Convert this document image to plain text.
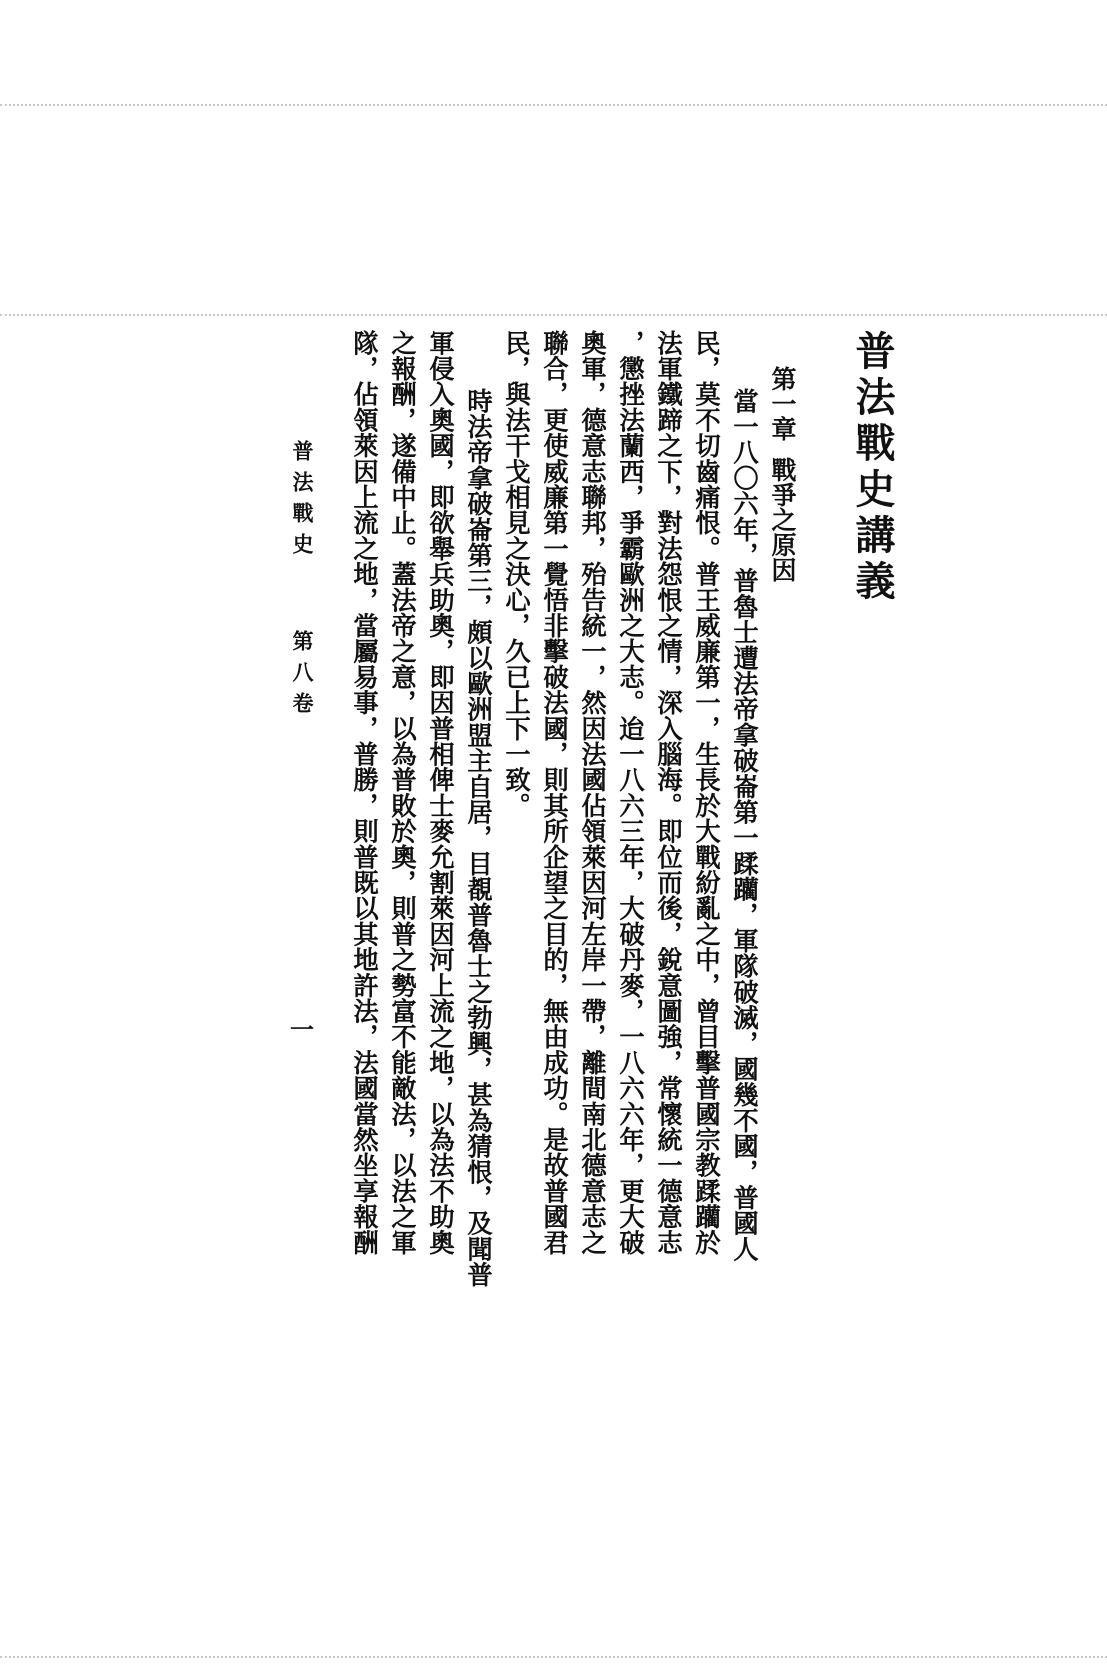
普法戰史講義
第一章戰爭之原因
當一八〇六年，普魯士遭法帝拿破崙第一蹂躪，軍隊破滅，國幾不國，普國人
民，莫不切齒痛恨。普王威廉第一，生長於大戰紛亂之中，曾目擊普國宗教蹂躪於
法軍鐵蹄之下，對法怨恨之情，深入腦海。即位而後，銳意圖強，常懷統一德意志
，懲挫法蘭西，爭霸歐洲之大志。迨一八六三年，大破丹麥，一八六六年，更大破
奧軍，德意志聯邦，殆告統一，然因法國佔領萊因河左岸一帶，離間南北德意志之
聯合，更使威廉第一覺悟非擊破法國，則其所企望之目的，無由成功。是故普國君
民，與法干戈相見之決心，久已上下一致。
時法帝拿破崙第三，頗以歐洲盟主自居，目覩普魯士之勃興，甚為猜恨，及聞普
軍侵入奧國，即欲舉兵助奧，即因普相俾士麥允割萊因河上流之地，以為法不助奧
之報酬，遂備中止。蓋法帝之意，以為普敗於奧，則普之勢富不能敵法，以法之軍
隊，佔領萊因上流之地，當屬易事，普勝，則普既以其地許法，法國當然坐享報酬
普法戰史
第八卷
一
